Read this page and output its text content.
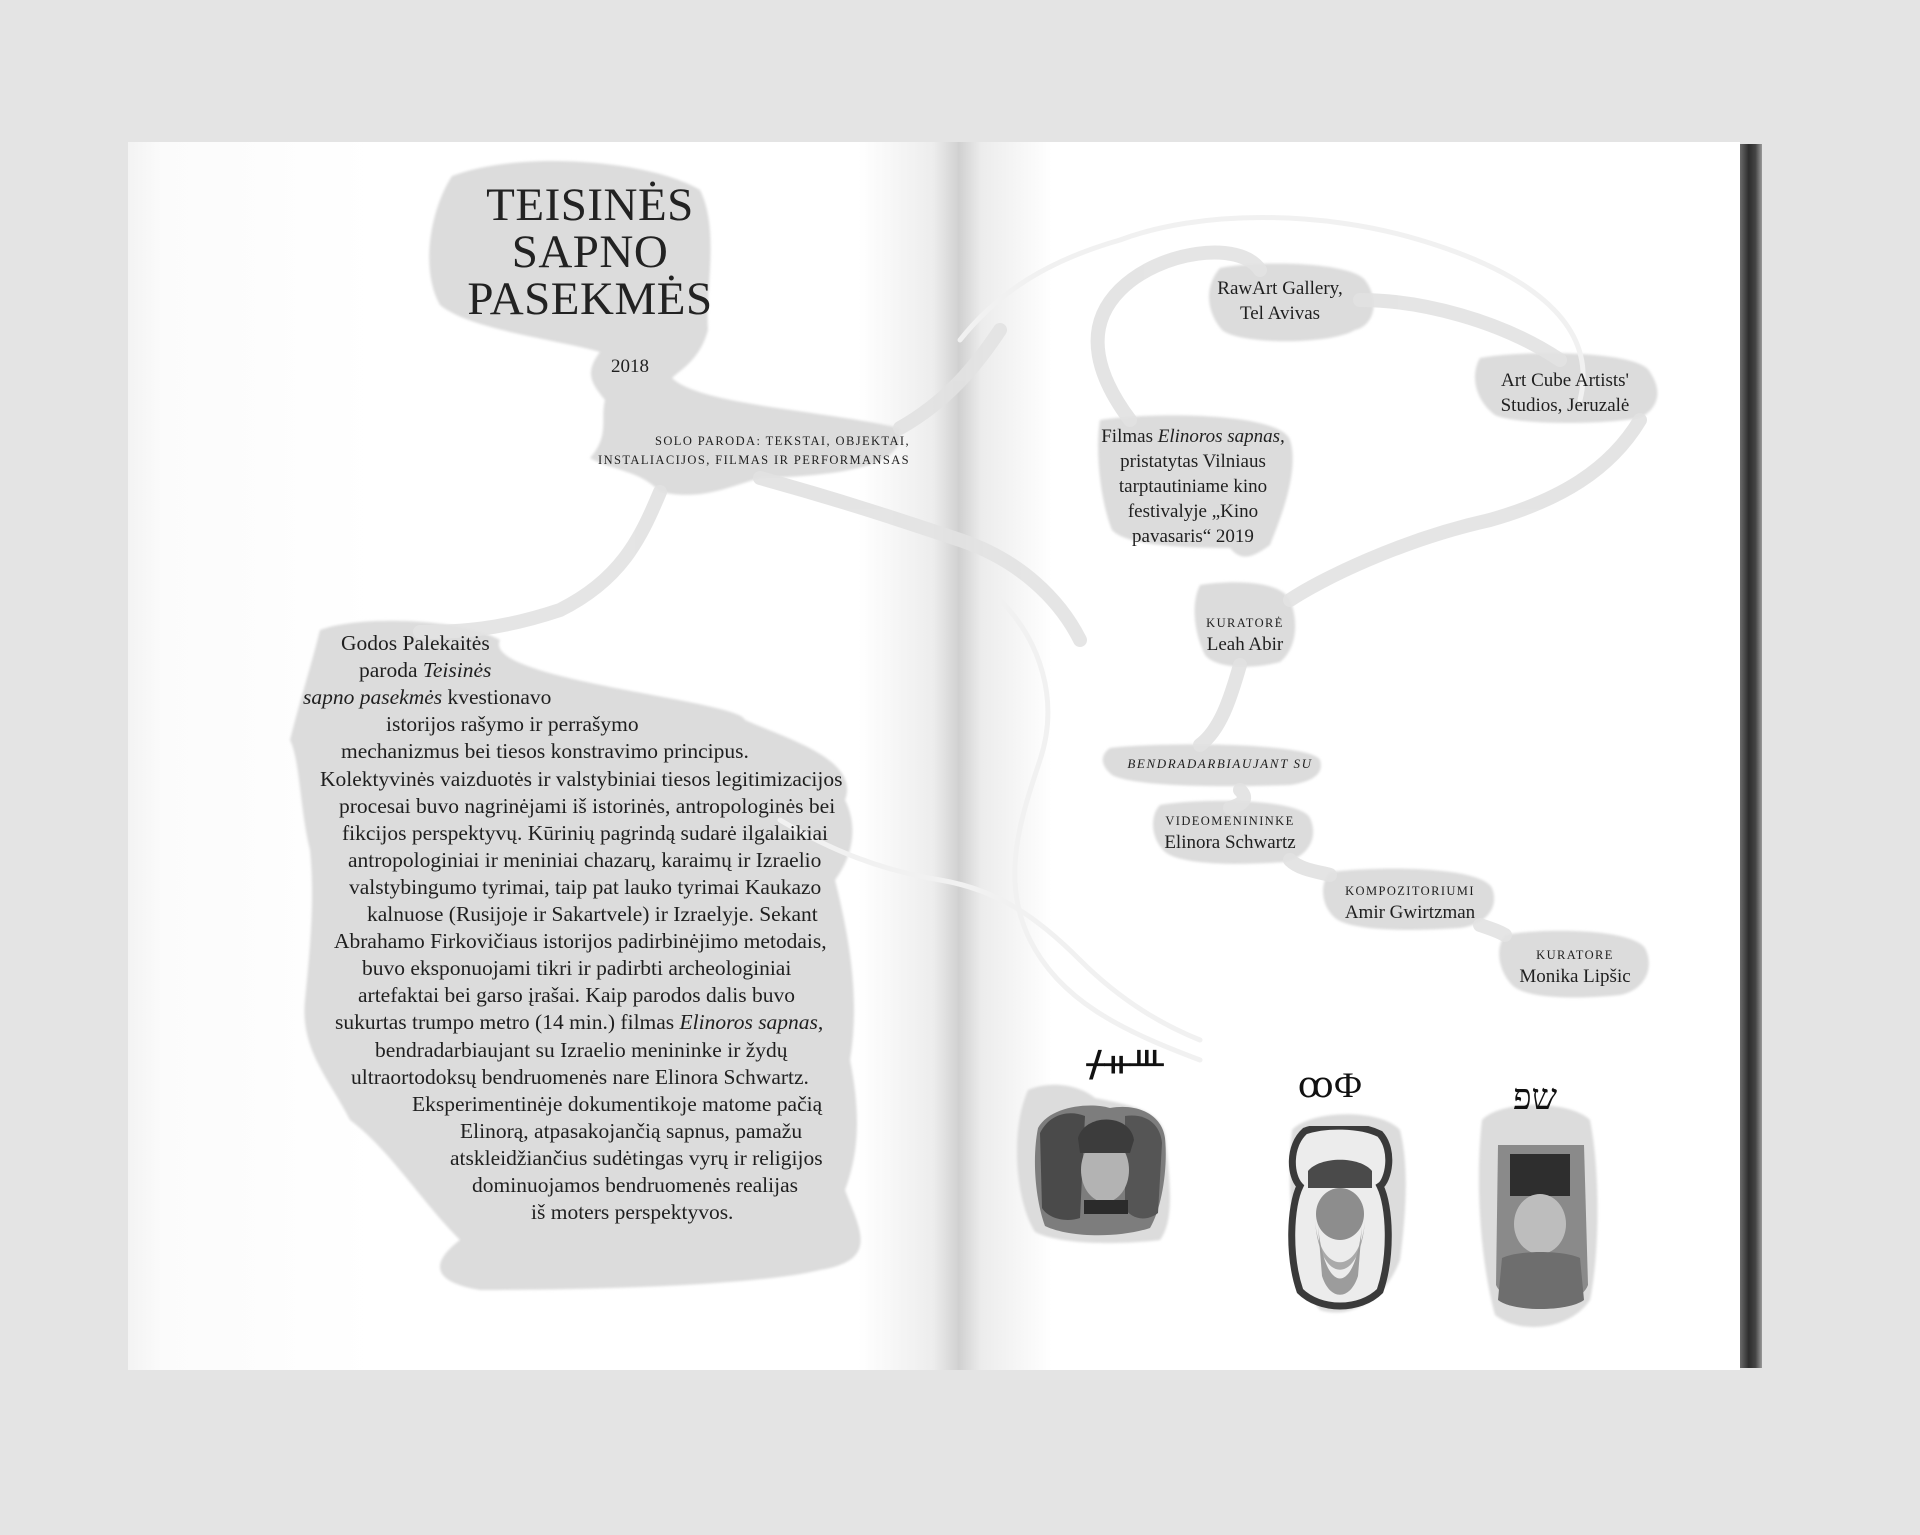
TEISINĖS
SAPNO
PASEKMĖS
2018
SOLO PARODA: TEKSTAI, OBJEKTAI,
INSTALIACIJOS, FILMAS IR PERFORMANSAS
Godos Palekaitės
paroda Teisinės
sapno pasekmės kvestionavo
istorijos rašymo ir perrašymo
mechanizmus bei tiesos konstravimo principus.
Kolektyvinės vaizduotės ir valstybiniai tiesos legitimizacijos
procesai buvo nagrinėjami iš istorinės, antropologinės bei
fikcijos perspektyvų. Kūrinių pagrindą sudarė ilgalaikiai
antropologiniai ir meniniai chazarų, karaimų ir Izraelio
valstybingumo tyrimai, taip pat lauko tyrimai Kaukazo
kalnuose (Rusijoje ir Sakartvele) ir Izraelyje. Sekant
Abrahamo Firkovičiaus istorijos padirbinėjimo metodais,
buvo eksponuojami tikri ir padirbti archeologiniai
artefaktai bei garso įrašai. Kaip parodos dalis buvo
sukurtas trumpo metro (14 min.) filmas Elinoros sapnas,
bendradarbiaujant su Izraelio menininke ir žydų
ultraortodoksų bendruomenės nare Elinora Schwartz.
Eksperimentinėje dokumentikoje matome pačią
Elinorą, atpasakojančią sapnus, pamažu
atskleidžiančius sudėtingas vyrų ir religijos
dominuojamos bendruomenės realijas
iš moters perspektyvos.
RawArt Gallery,
Tel Avivas
Art Cube Artists'
Studios, Jeruzalė
Filmas Elinoros sapnas,
pristatytas Vilniaus
tarptautiniame kino
festivalyje „Kino
pavasaris“ 2019
KURATORĖ
Leah Abir
BENDRADARBIAUJANT SU
VIDEOMENININKE
Elinora Schwartz
KOMPOZITORIUMI
Amir Gwirtzman
KURATORE
Monika Lipšic
ᚋᚑᚈ
ꝏФ	שפ
